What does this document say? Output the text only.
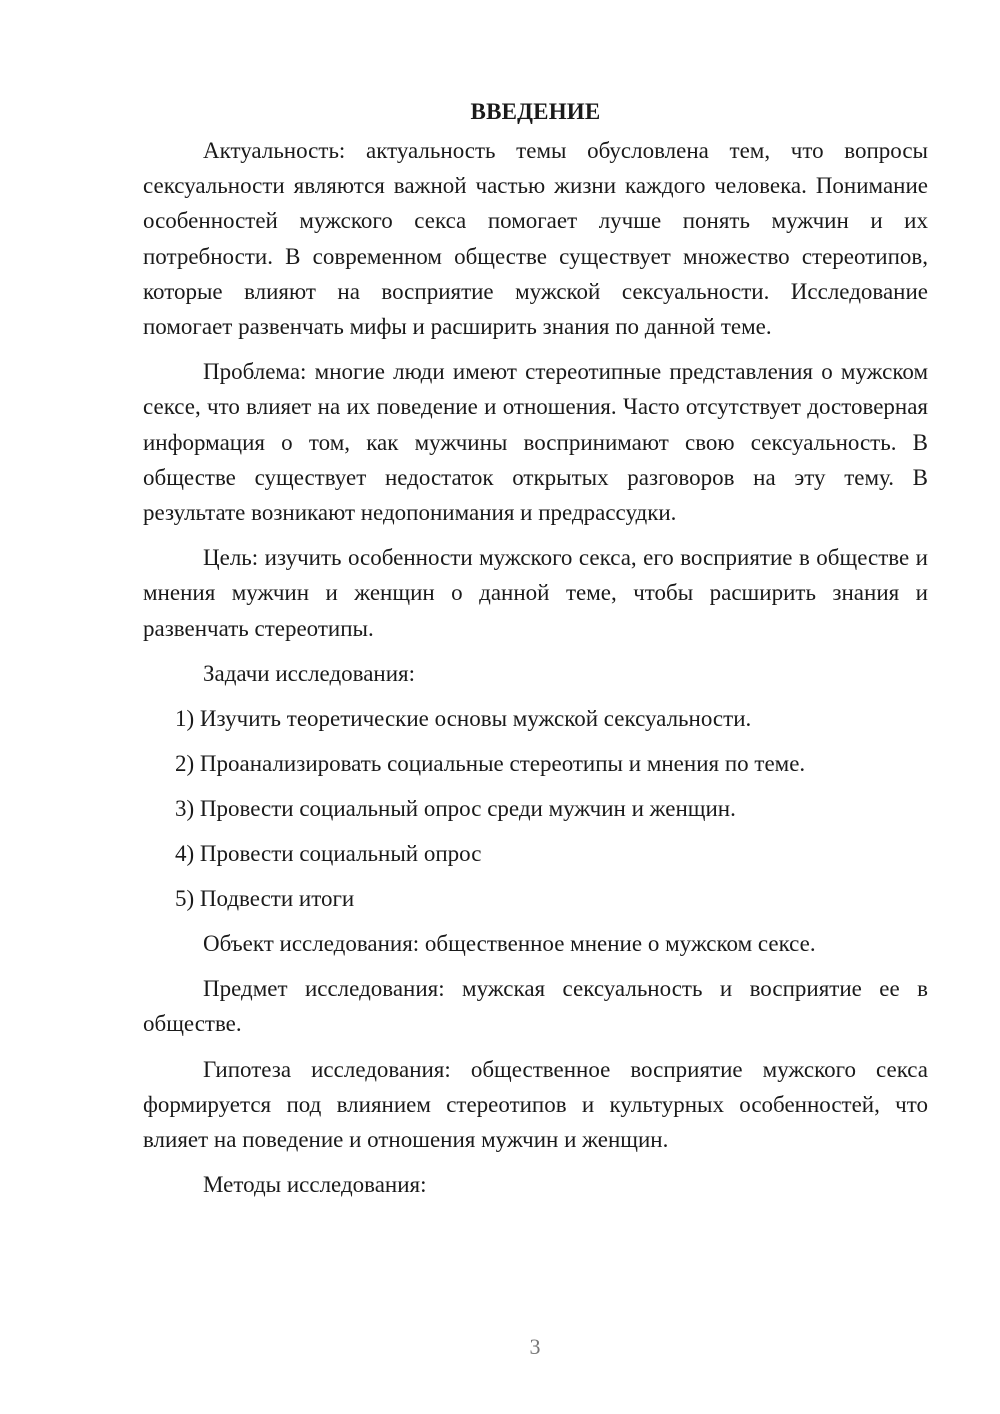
ВВЕДЕНИЕ

Актуальность: актуальность темы обусловлена тем, что вопросы сексуальности являются важной частью жизни каждого человека. Понимание особенностей мужского секса помогает лучше понять мужчин и их потребности. В современном обществе существует множество стереотипов, которые влияют на восприятие мужской сексуальности. Исследование помогает развенчать мифы и расширить знания по данной теме.

Проблема: многие люди имеют стереотипные представления о мужском сексе, что влияет на их поведение и отношения. Часто отсутствует достоверная информация о том, как мужчины воспринимают свою сексуальность. В обществе существует недостаток открытых разговоров на эту тему. В результате возникают недопонимания и предрассудки.

Цель: изучить особенности мужского секса, его восприятие в обществе и мнения мужчин и женщин о данной теме, чтобы расширить знания и развенчать стереотипы.

Задачи исследования:

1) Изучить теоретические основы мужской сексуальности.
2) Проанализировать социальные стереотипы и мнения по теме.
3) Провести социальный опрос среди мужчин и женщин.
4) Провести социальный опрос
5) Подвести итоги

Объект исследования: общественное мнение о мужском сексе.

Предмет исследования: мужская сексуальность и восприятие ее в обществе.

Гипотеза исследования: общественное восприятие мужского секса формируется под влиянием стереотипов и культурных особенностей, что влияет на поведение и отношения мужчин и женщин.

Методы исследования:

3
